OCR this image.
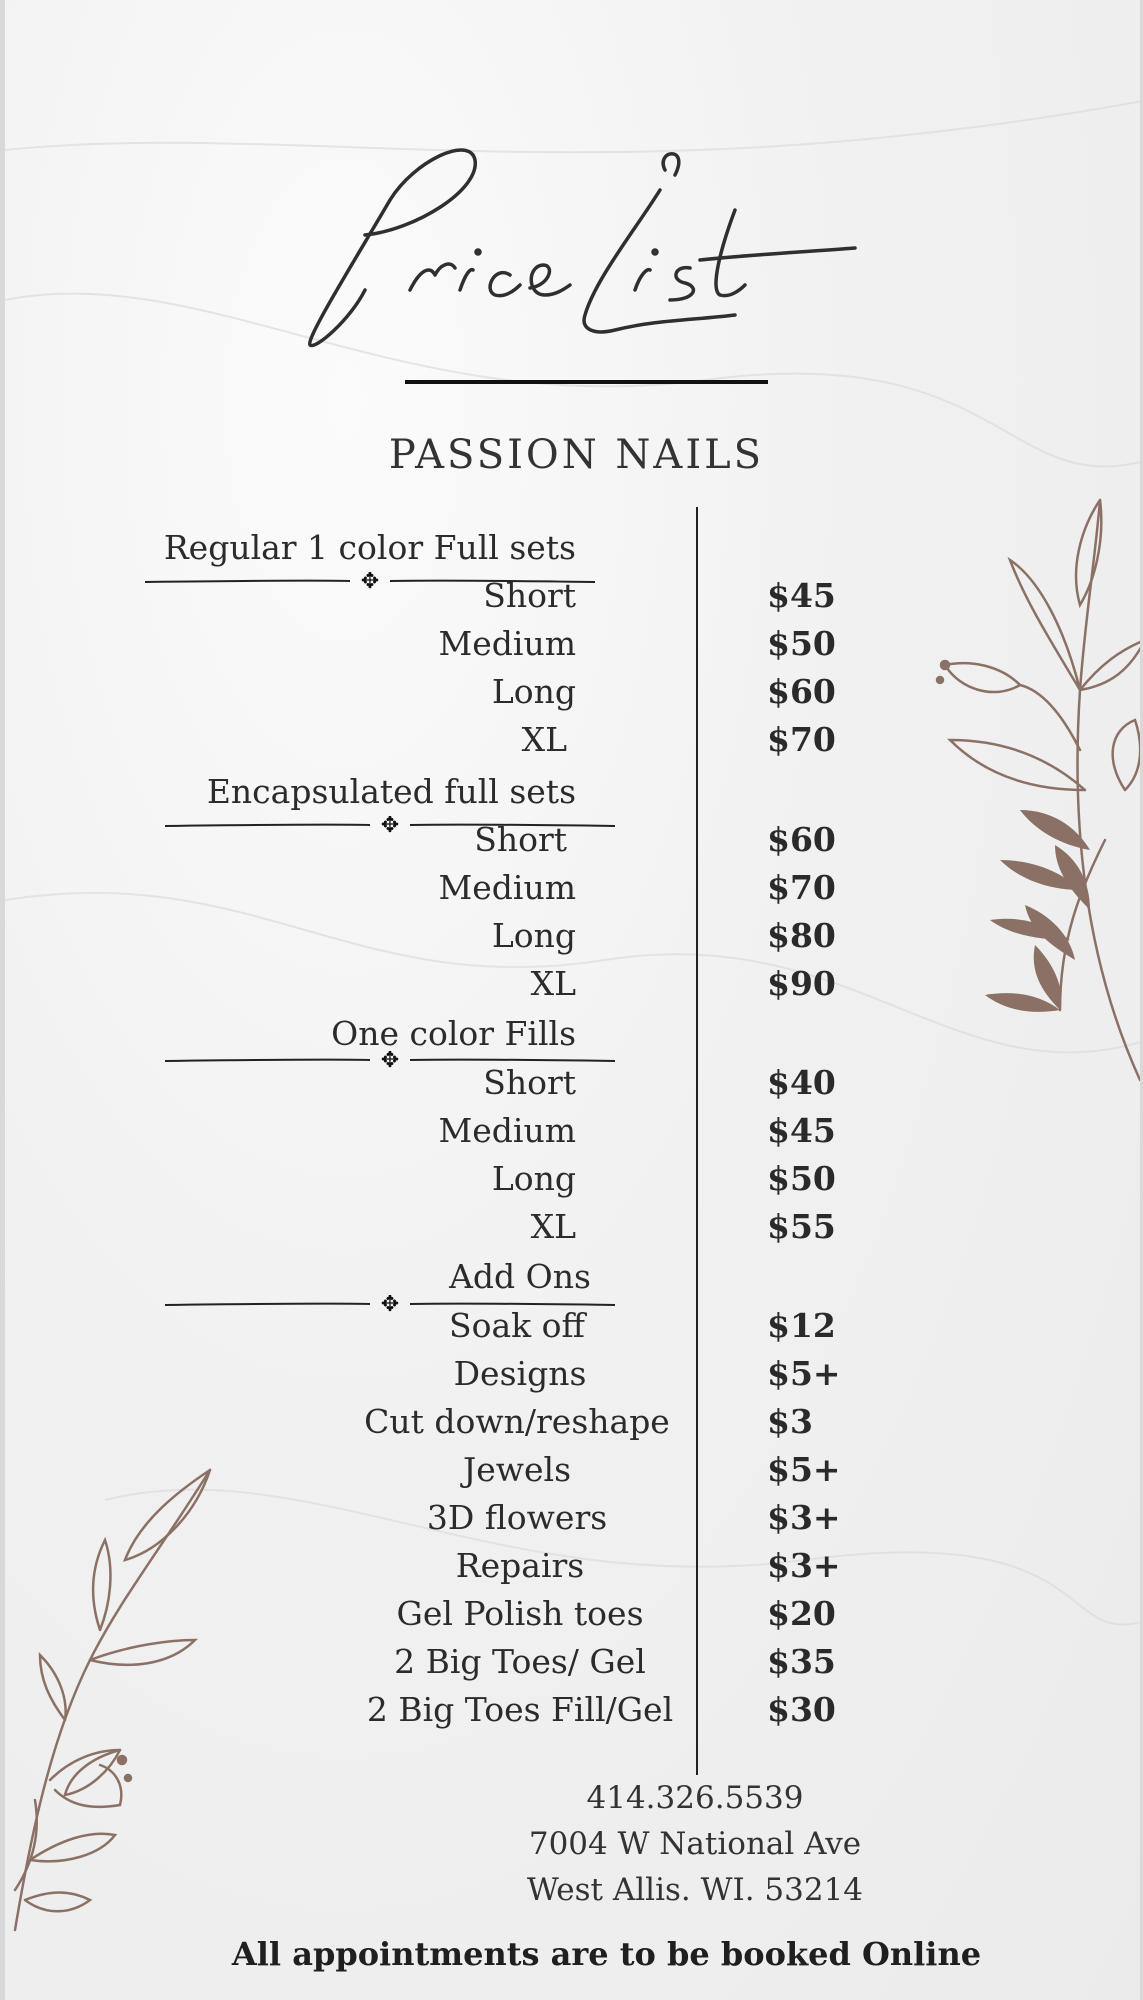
PASSION NAILS
Regular 1 color Full sets
✥	Short	$45
Medium	$50
Long	$60
XL	$70
Encapsulated full sets
✥	Short	$60
Medium	$70
Long	$80
XL	$90
One color Fills
✥
Short	$40
Medium	$45
Long	$50
XL	$55
Add Ons
✥
Soak off	$12
Designs	$5+
Cut down/reshape	$3
Jewels	$5+
3D flowers	$3+
Repairs	$3+
Gel Polish toes	$20
2 Big Toes/ Gel	$35
2 Big Toes Fill/Gel	$30
414.326.5539
7004 W National Ave
West Allis. WI. 53214
All appointments are to be booked Online
